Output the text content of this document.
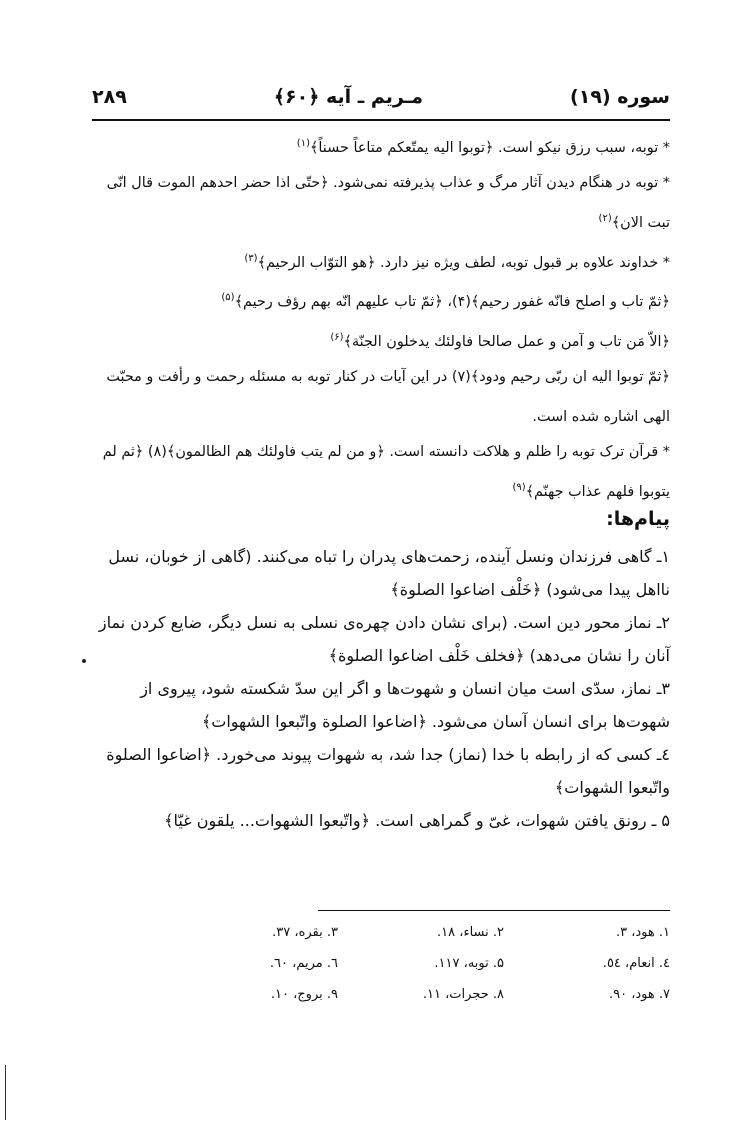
سوره (۱۹)
مـریم ـ آیه ﴿۶۰﴾
۲۸۹

* توبه، سبب رزق نیکو است. ﴿توبوا الیه یمتّعکم متاعاً حسناً﴾$^{(۱)}$

* توبه در هنگام دیدن آثار مرگ و عذاب پذیرفته نمی‌شود. ﴿حتّی اذا حضر احدهم الموت قال انّی تبت الان﴾$^{(۲)}$

* خداوند علاوه بر قبول توبه، لطف ویژه نیز دارد. ﴿هو التوّاب الرحیم﴾$^{(۳)}$

﴿ثمّ تاب و اصلح فانّه غفور رحیم﴾(۴)، ﴿ثمّ تاب علیهم انّه بهم رؤف رحیم﴾$^{(۵)}$

﴿الاّ مَن تاب و آمن و عمل صالحا فاولئك یدخلون الجنّة﴾$^{(۶)}$

﴿ثمّ توبوا الیه ان ربّی رحیم ودود﴾(۷) در این آیات در کنار توبه به مسئله رحمت و رأفت و محبّت الهی اشاره شده است.

* قرآن ترک توبه را ظلم و هلاکت دانسته است. ﴿و من لم یتب فاولئك هم الظالمون﴾(۸) ﴿ثم لم یتوبوا فلهم عذاب جهنّم﴾$^{(۹)}$

پیام‌ها:

۱ـ گاهی فرزندان ونسل آینده، زحمت‌های پدران را تباه می‌کنند. (گاهی از خوبان، نسل نااهل پیدا می‌شود) ﴿خَلْف اضاعوا الصلوة﴾

۲ـ نماز محور دین است. (برای نشان دادن چهره‌ی نسلی به نسل دیگر، ضایع کردن نماز آنان را نشان می‌دهد) ﴿فخلف خَلْف اضاعوا الصلوة﴾

۳ـ نماز، سدّی است میان انسان و شهوت‌ها و اگر این سدّ شکسته شود، پیروی از شهوت‌ها برای انسان آسان می‌شود. ﴿اضاعوا الصلوة واتّبعوا الشهوات﴾

٤ـ کسی که از رابطه با خدا (نماز) جدا شد، به شهوات پیوند می‌خورد. ﴿اضاعوا الصلوة واتّبعوا الشهوات﴾

۵ ـ رونق یافتن شهوات، غیّ و گمراهی است. ﴿واتّبعوا الشهوات... یلقون غیّا﴾

۱. هود، ۳.
۲. نساء، ۱۸.
۳. بقره، ۳۷.
٤. انعام، ٥٤.
۵. توبه، ۱۱۷.
٦. مریم، ٦۰.
۷. هود، ۹۰.
۸. حجرات، ۱۱.
۹. بروج، ۱۰.
